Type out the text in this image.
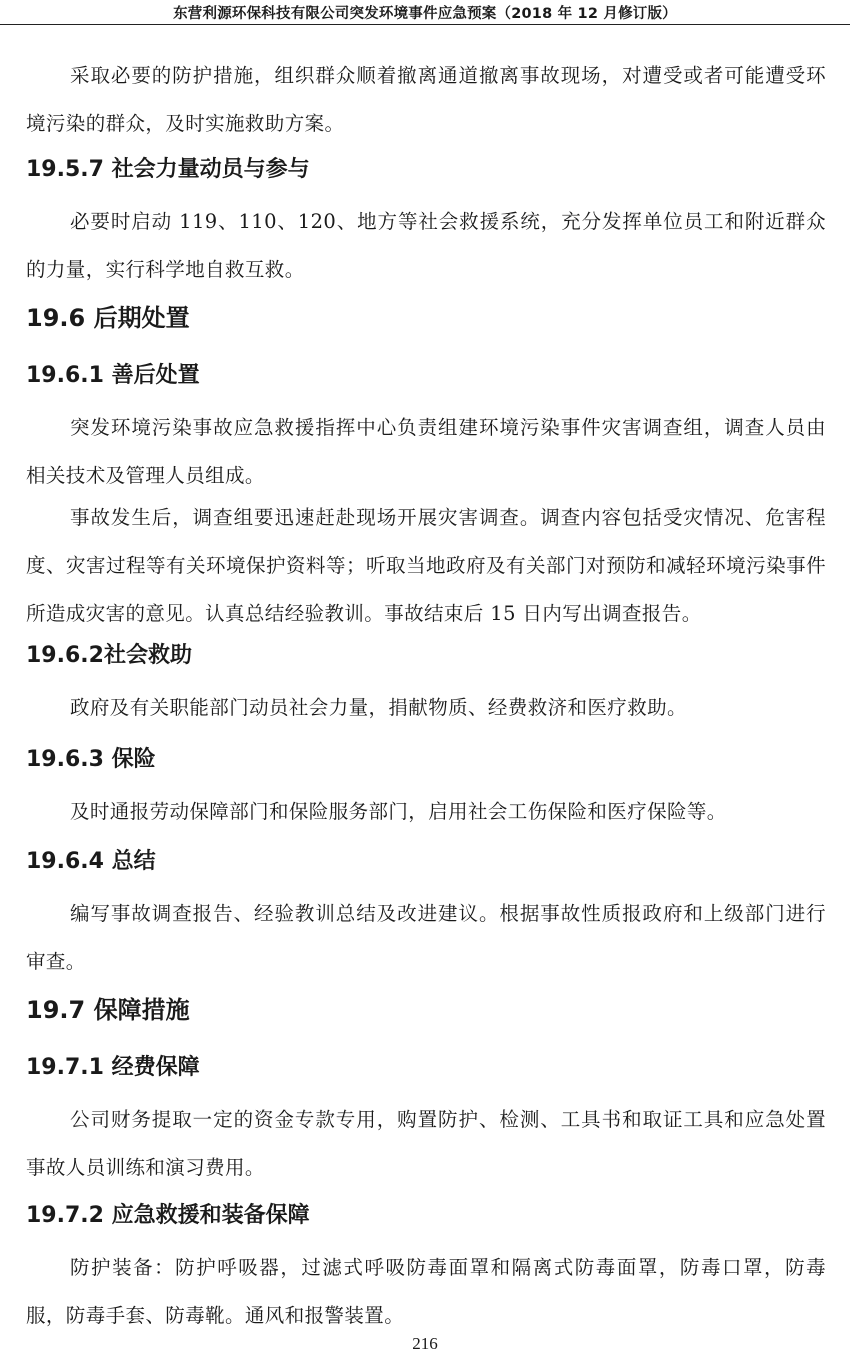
东营利源环保科技有限公司突发环境事件应急预案（2018 年 12 月修订版）

采取必要的防护措施，组织群众顺着撤离通道撤离事故现场，对遭受或者可能遭受环境污染的群众，及时实施救助方案。

19.5.7 社会力量动员与参与

必要时启动 119、110、120、地方等社会救援系统，充分发挥单位员工和附近群众的力量，实行科学地自救互救。

19.6 后期处置
19.6.1 善后处置

突发环境污染事故应急救援指挥中心负责组建环境污染事件灾害调查组，调查人员由相关技术及管理人员组成。

事故发生后，调查组要迅速赶赴现场开展灾害调查。调查内容包括受灾情况、危害程度、灾害过程等有关环境保护资料等；听取当地政府及有关部门对预防和减轻环境污染事件所造成灾害的意见。认真总结经验教训。事故结束后 15 日内写出调查报告。

19.6.2社会救助

政府及有关职能部门动员社会力量，捐献物质、经费救济和医疗救助。

19.6.3 保险

及时通报劳动保障部门和保险服务部门，启用社会工伤保险和医疗保险等。

19.6.4 总结

编写事故调查报告、经验教训总结及改进建议。根据事故性质报政府和上级部门进行审查。

19.7 保障措施
19.7.1 经费保障

公司财务提取一定的资金专款专用，购置防护、检测、工具书和取证工具和应急处置事故人员训练和演习费用。

19.7.2 应急救援和装备保障

防护装备：防护呼吸器，过滤式呼吸防毒面罩和隔离式防毒面罩，防毒口罩，防毒服，防毒手套、防毒靴。通风和报警装置。

216
